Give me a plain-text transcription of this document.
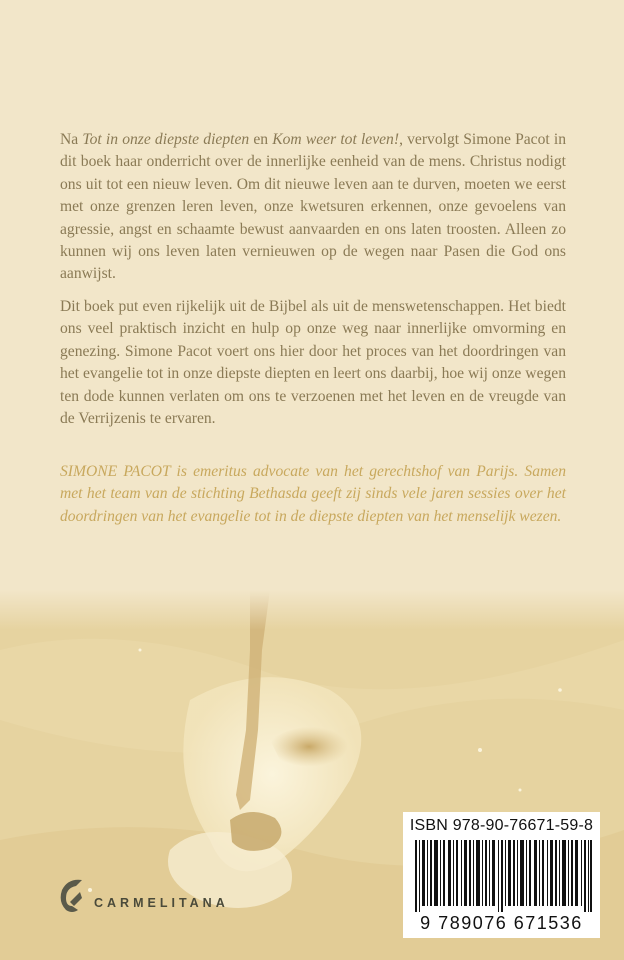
Na Tot in onze diepste diepten en Kom weer tot leven!, vervolgt Simone Pacot in dit boek haar onderricht over de innerlijke eenheid van de mens. Christus nodigt ons uit tot een nieuw leven. Om dit nieuwe leven aan te durven, moeten we eerst met onze grenzen leren leven, onze kwetsuren erkennen, onze gevoelens van agressie, angst en schaamte bewust aanvaarden en ons laten troosten. Alleen zo kunnen wij ons leven laten vernieuwen op de wegen naar Pasen die God ons aanwijst.

Dit boek put even rijkelijk uit de Bijbel als uit de menswetenschappen. Het biedt ons veel praktisch inzicht en hulp op onze weg naar innerlijke omvorming en genezing. Simone Pacot voert ons hier door het proces van het doordringen van het evangelie tot in onze diepste diepten en leert ons daarbij, hoe wij onze wegen ten dode kunnen verlaten om ons te verzoenen met het leven en de vreugde van de Verrijzenis te ervaren.

SIMONE PACOT is emeritus advocate van het gerechtshof van Parijs. Samen met het team van de stichting Bethasda geeft zij sinds vele jaren sessies over het doordringen van het evangelie tot in de diepste diepten van het menselijk wezen.

ISBN 978-90-76671-59-8
9 789076 671536
CARMELITANA
